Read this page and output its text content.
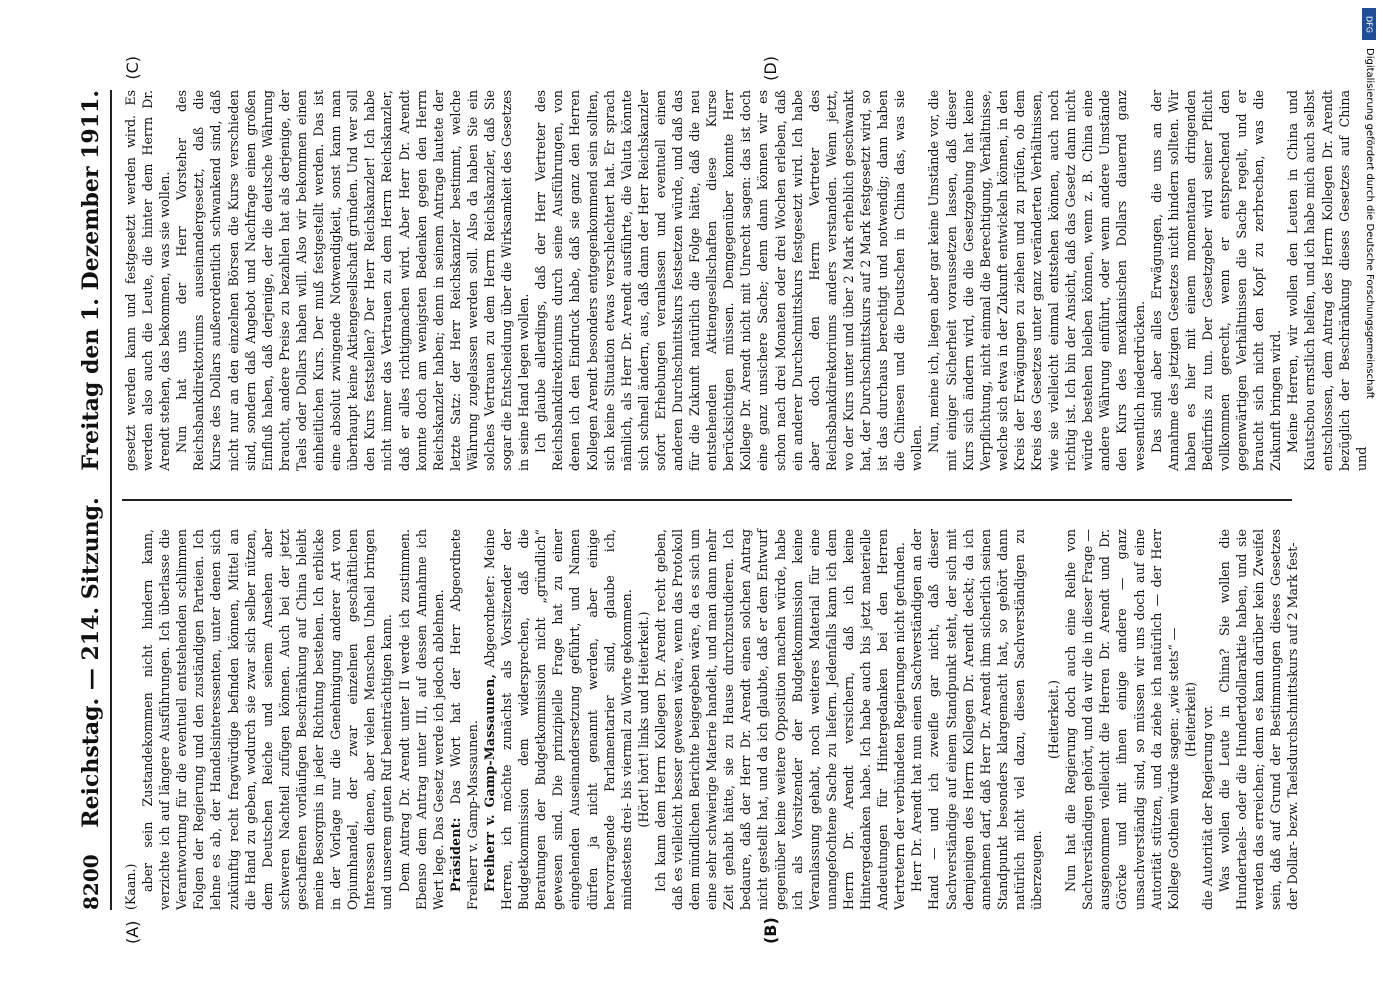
8200
Reichstag. — 214. Sitzung.
Freitag den 1. Dezember 1911.
(A)	(B)

(Kaan.) aber sein Zustandekommen nicht hindern kann, verzichte ich auf längere Ausführungen. Ich überlasse die Verantwortung für die eventuell entstehenden schlimmen Folgen der Regierung und den zuständigen Parteien. Ich lehne es ab, der Handelsinteressenten, unter denen sich zukünftig recht fragwürdige befinden können, Mittel an die Hand zu geben, wodurch sie zwar sich selber nützen, dem Deutschen Reiche und seinem Ansehen aber schweren Nachteil zufügen können. Auch bei der jetzt geschaffenen vorläufigen Beschränkung auf China bleibt meine Besorgnis in jeder Richtung bestehen. Ich erblicke in der Vorlage nur die Genehmigung anderer Art von Opiumhandel, der zwar einzelnen geschäftlichen Interessen dienen, aber vielen Menschen Unheil bringen und unserem guten Ruf beeinträchtigen kann. Dem Antrag Dr. Arendt unter II werde ich zustimmen. Ebenso dem Antrag unter III, auf dessen Annahme ich Wert lege. Das Gesetz werde ich jedoch ablehnen. Präsident: Das Wort hat der Herr Abgeordnete Freiherr v. Gamp-Massaunen. Freiherr v. Gamp-Massaunen, Abgeordneter: Meine Herren, ich möchte zunächst als Vorsitzender der Budgetkommission dem widersprechen, daß die Beratungen der Budgetkommission nicht „gründlich“ gewesen sind. Die prinzipielle Frage hat zu einer eingehenden Auseinandersetzung geführt, und Namen dürfen ja nicht genannt werden, aber einige hervorragende Parlamentarier sind, glaube ich, mindestens drei- bis viermal zu Worte gekommen. (Hört! hört! links und Heiterkeit.) Ich kann dem Herrn Kollegen Dr. Arendt recht geben, daß es vielleicht besser gewesen wäre, wenn das Protokoll dem mündlichen Berichte beigegeben wäre, da es sich um eine sehr schwierige Materie handelt, und man dann mehr Zeit gehabt hätte, sie zu Hause durchzustudieren. Ich bedaure, daß der Herr Dr. Arendt einen solchen Antrag nicht gestellt hat, und da ich glaubte, daß er dem Entwurf gegenüber keine weitere Opposition machen würde, habe ich als Vorsitzender der Budgetkommission keine Veranlassung gehabt, noch weiteres Material für eine unangefochtene Sache zu liefern. Jedenfalls kann ich dem Herrn Dr. Arendt versichern, daß ich keine Hintergedanken habe. Ich habe auch bis jetzt materielle Andeutungen für Hintergedanken bei den Herren Vertretern der verbündeten Regierungen nicht gefunden. Herr Dr. Arendt hat nun einen Sachverständigen an der Hand — und ich zweifle gar nicht, daß dieser Sachverständige auf einem Standpunkt steht, der sich mit demjenigen des Herrn Kollegen Dr. Arendt deckt; da ich annehmen darf, daß Herr Dr. Arendt ihm sicherlich seinen Standpunkt besonders klargemacht hat, so gehört dann natürlich nicht viel dazu, diesen Sachverständigen zu überzeugen.

(Heiterkeit.) Nun hat die Regierung doch auch eine Reihe von Sachverständigen gehört, und da wir die in dieser Frage — ausgenommen vielleicht die Herren Dr. Arendt und Dr. Görcke und mit ihnen einige andere — ganz unsachverständig sind, so müssen wir uns doch auf eine Autorität stützen, und da ziehe ich natürlich — der Herr Kollege Gothein würde sagen: „wie stets“ — (Heiterkeit) die Autorität der Regierung vor. Was wollen die Leute in China? Sie wollen die Hundertaels- oder die Hundertdollaraktie haben, und sie werden das erreichen; denn es kann darüber kein Zweifel sein, daß auf Grund der Bestimmungen dieses Gesetzes der Dollar- bezw. Taelsdurchschnittskurs auf 2 Mark fest-

(C)	(D)

gesetzt werden kann und festgesetzt werden wird. Es werden also auch die Leute, die hinter dem Herrn Dr. Arendt stehen, das bekommen, was sie wollen. Nun hat uns der Herr Vorsteher des Reichsbankdirektoriums auseinandergesetzt, daß die Kurse des Dollars außerordentlich schwankend sind, daß nicht nur an den einzelnen Börsen die Kurse verschieden sind, sondern daß Angebot und Nachfrage einen großen Einfluß haben, daß derjenige, der die deutsche Währung braucht, andere Preise zu bezahlen hat als derjenige, der Taels oder Dollars haben will. Also wir bekommen einen einheitlichen Kurs. Der muß festgestellt werden. Das ist eine absolut zwingende Notwendigkeit, sonst kann man überhaupt keine Aktiengesellschaft gründen. Und wer soll den Kurs feststellen? Der Herr Reichskanzler! Ich habe nicht immer das Vertrauen zu dem Herrn Reichskanzler, daß er alles richtigmachen wird. Aber Herr Dr. Arendt konnte doch am wenigsten Bedenken gegen den Herrn Reichskanzler haben; denn in seinem Antrage lautete der letzte Satz: der Herr Reichskanzler bestimmt, welche Währung zugelassen werden soll. Also da haben Sie ein solches Vertrauen zu dem Herrn Reichskanzler, daß Sie sogar die Entscheidung über die Wirksamkeit des Gesetzes in seine Hand legen wollen. Ich glaube allerdings, daß der Herr Vertreter des Reichsbankdirektoriums durch seine Ausführungen, von denen ich den Eindruck habe, daß sie ganz den Herren Kollegen Arendt besonders entgegenkommend sein sollten, sich keine Situation etwas verschlechtert hat. Er sprach nämlich, als Herr Dr. Arendt ausführte, die Valuta könnte sich schnell ändern, aus, daß dann der Herr Reichskanzler sofort Erhebungen veranlassen und eventuell einen anderen Durchschnittskurs festsetzen würde, und daß das für die Zukunft natürlich die Folge hätte, daß die neu entstehenden Aktiengesellschaften diese Kurse berücksichtigen müssen. Demgegenüber konnte Herr Kollege Dr. Arendt nicht mit Unrecht sagen: das ist doch eine ganz unsichere Sache; denn dann können wir es schon nach drei Monaten oder drei Wochen erleben, daß ein anderer Durchschnittskurs festgesetzt wird. Ich habe aber doch den Herrn Vertreter des Reichsbankdirektoriums anders verstanden. Wenn jetzt, wo der Kurs unter und über 2 Mark erheblich geschwankt hat, der Durchschnittskurs auf 2 Mark festgesetzt wird, so ist das durchaus berechtigt und notwendig; dann haben die Chinesen und die Deutschen in China das, was sie wollen. Nun, meine ich, liegen aber gar keine Umstände vor, die mit einiger Sicherheit voraussetzen lassen, daß dieser Kurs sich ändern wird, die die Gesetzgebung hat keine Verpflichtung, nicht einmal die Berechtigung, Verhältnisse, welche sich etwa in der Zukunft entwickeln können, in den Kreis der Erwägungen zu ziehen und zu prüfen, ob dem Kreis des Gesetzes unter ganz veränderten Verhältnissen, wie sie vielleicht einmal entstehen können, auch noch richtig ist. Ich bin der Ansicht, daß das Gesetz dann nicht würde bestehen bleiben können, wenn z. B. China eine andere Währung einführt, oder wenn andere Umstände den Kurs des mexikanischen Dollars dauernd ganz wesentlich niederdrücken. Das sind aber alles Erwägungen, die uns an der Annahme des jetzigen Gesetzes nicht hindern sollten. Wir haben es hier mit einem momentanen dringenden Bedürfnis zu tun. Der Gesetzgeber wird seiner Pflicht vollkommen gerecht, wenn er entsprechend den gegenwärtigen Verhältnissen die Sache regelt, und er braucht sich nicht den Kopf zu zerbrechen, was die Zukunft bringen wird. Meine Herren, wir wollen den Leuten in China und Kiautschou ernstlich helfen, und ich habe mich auch selbst entschlossen, dem Antrag des Herrn Kollegen Dr. Arendt bezüglich der Beschränkung dieses Gesetzes auf China und

DFG
Digitalisierung gefördert durch die Deutsche Forschungsgemeinschaft
